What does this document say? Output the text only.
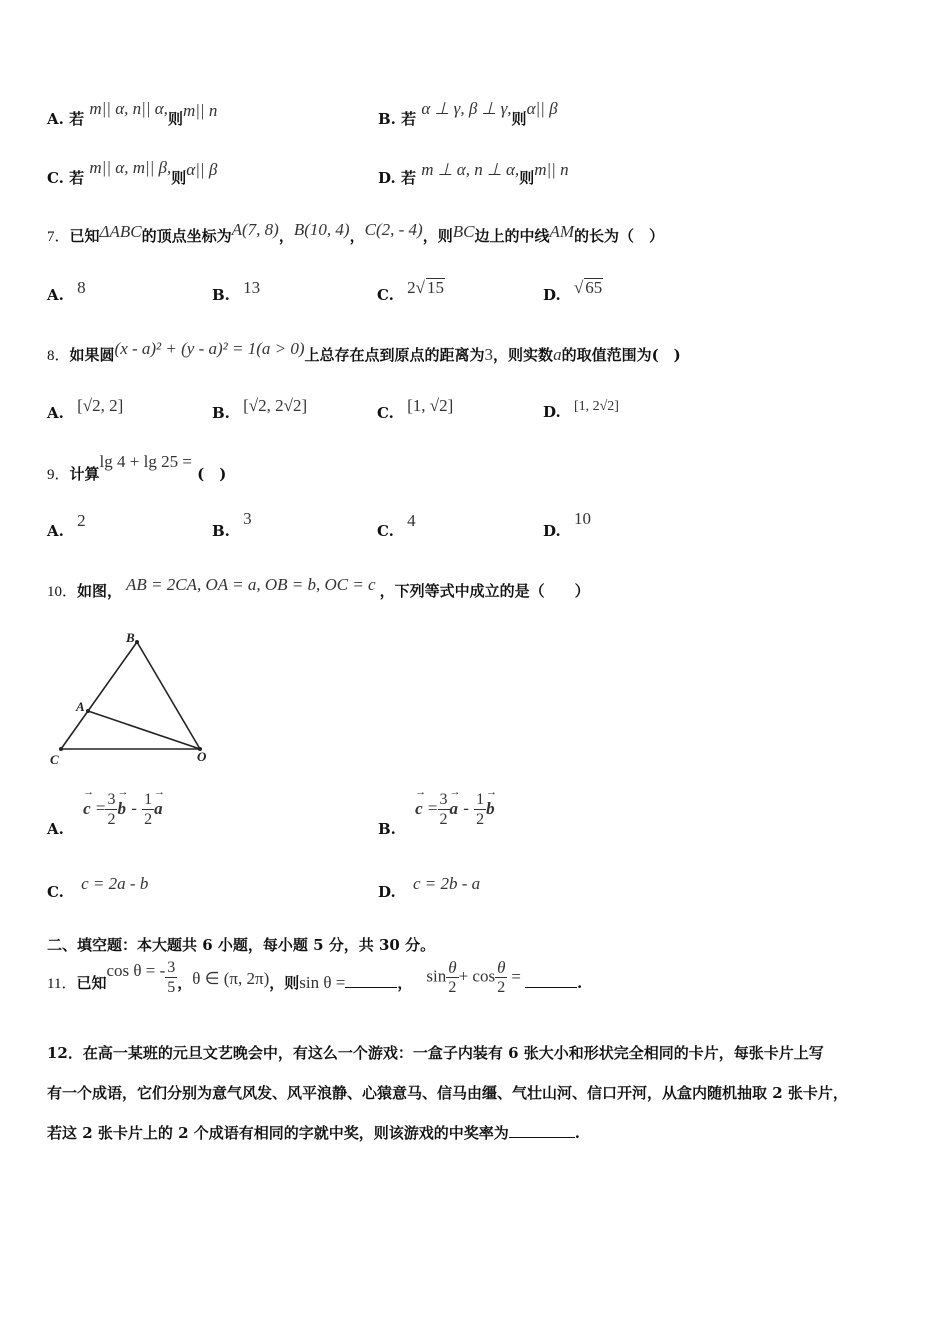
A. 若 m|| α, n|| α,则m|| n	B. 若 α ⊥ γ, β ⊥ γ,则α|| β
C. 若 m|| α, m|| β,则α|| β	D. 若 m ⊥ α, n ⊥ α,则m|| n
7．已知ΔABC的顶点坐标为A(7, 8)，B(10, 4)，C(2, - 4)，则BC边上的中线AM的长为（　）
A. 8	B. 13	C. 2√ 15	D. √ 65
8．如果圆(x - a)² + (y - a)² = 1(a > 0)上总存在点到原点的距离为3，则实数a的取值范围为(　)
A. [√2, 2]	B. [√2, 2√2]	C. [1, √2]	D. [1, 2√2]
9．计算lg 4 + lg 25 = (　)
A. 2
B. 3
C. 4
D. 10
10．如图， AB = 2CA, OA = a, OB = b, OC = c ，下列等式中成立的是（　　）
B
A
C	O
A. → $c = \frac{3}{2}$
→ b - $\frac{1}{2}$
→ a
B. → $c = \frac{3}{2}$
→ a - $\frac{1}{2}$
→ b
C. c = 2a - b	D. c = 2b - a
二、填空题：本大题共 6 小题，每小题 5 分，共 30 分。
11．已知cos θ = - $\frac{3}{5}$ ，θ ∈ (π, 2π)，则sin θ =	， $\sin \frac{\theta}{2} + \cos \frac{\theta}{2}$ =	.
12．在高一某班的元旦文艺晚会中，有这么一个游戏：一盒子内装有 6 张大小和形状完全相同的卡片，每张卡片上写
有一个成语，它们分别为意气风发、风平浪静、心猿意马、信马由缰、气壮山河、信口开河，从盒内随机抽取 2 张卡片，
若这 2 张卡片上的 2 个成语有相同的字就中奖，则该游戏的中奖率为	.
